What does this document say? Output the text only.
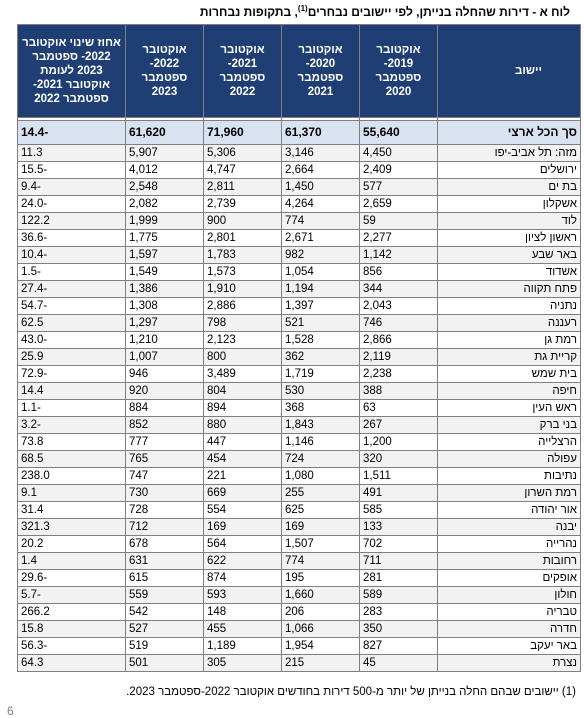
לוח א - דירות שהחלה בנייתן, לפי יישובים נבחרים$^{(1)}$, בתקופות נבחרות
יישוב	אוקטובר 2019- ספטמבר 2020	אוקטובר 2020- ספטמבר 2021	אוקטובר 2021- ספטמבר 2022	אוקטובר 2022- ספטמבר 2023	אחוז שינוי אוקטובר 2022- ספטמבר 2023 לעומת אוקטובר 2021- ספטמבר 2022

סך הכל ארצי	55,640	61,370	71,960	61,620	-14.4
מזה: תל אביב-יפו	4,450	3,146	5,306	5,907	11.3
ירושלים	2,409	2,664	4,747	4,012	-15.5
בת ים	577	1,450	2,811	2,548	-9.4
אשקלון	2,659	4,264	2,739	2,082	-24.0
לוד	59	774	900	1,999	122.2
ראשון לציון	2,277	2,671	2,801	1,775	-36.6
באר שבע	1,142	982	1,783	1,597	-10.4
אשדוד	856	1,054	1,573	1,549	-1.5
פתח תקווה	344	1,194	1,910	1,386	-27.4
נתניה	2,043	1,397	2,886	1,308	-54.7
רעננה	746	521	798	1,297	62.5
רמת גן	2,866	1,528	2,123	1,210	-43.0
קריית גת	2,119	362	800	1,007	25.9
בית שמש	2,238	1,719	3,489	946	-72.9
חיפה	388	530	804	920	14.4
ראש העין	63	368	894	884	-1.1
בני ברק	267	1,843	880	852	-3.2
הרצלייה	1,200	1,146	447	777	73.8
עפולה	320	724	454	765	68.5
נתיבות	1,511	1,080	221	747	238.0
רמת השרון	491	255	669	730	9.1
אור יהודה	585	625	554	728	31.4
יבנה	133	169	169	712	321.3
נהרייה	702	1,507	564	678	20.2
רחובות	711	774	622	631	1.4
אופקים	281	195	874	615	-29.6
חולון	589	1,660	593	559	-5.7
טבריה	283	206	148	542	266.2
חדרה	350	1,066	455	527	15.8
באר יעקב	827	1,954	1,189	519	-56.3
נצרת	45	215	305	501	64.3
(1) יישובים שבהם החלה בנייתן של יותר מ-500 דירות בחודשים אוקטובר 2022-ספטמבר 2023.
6
